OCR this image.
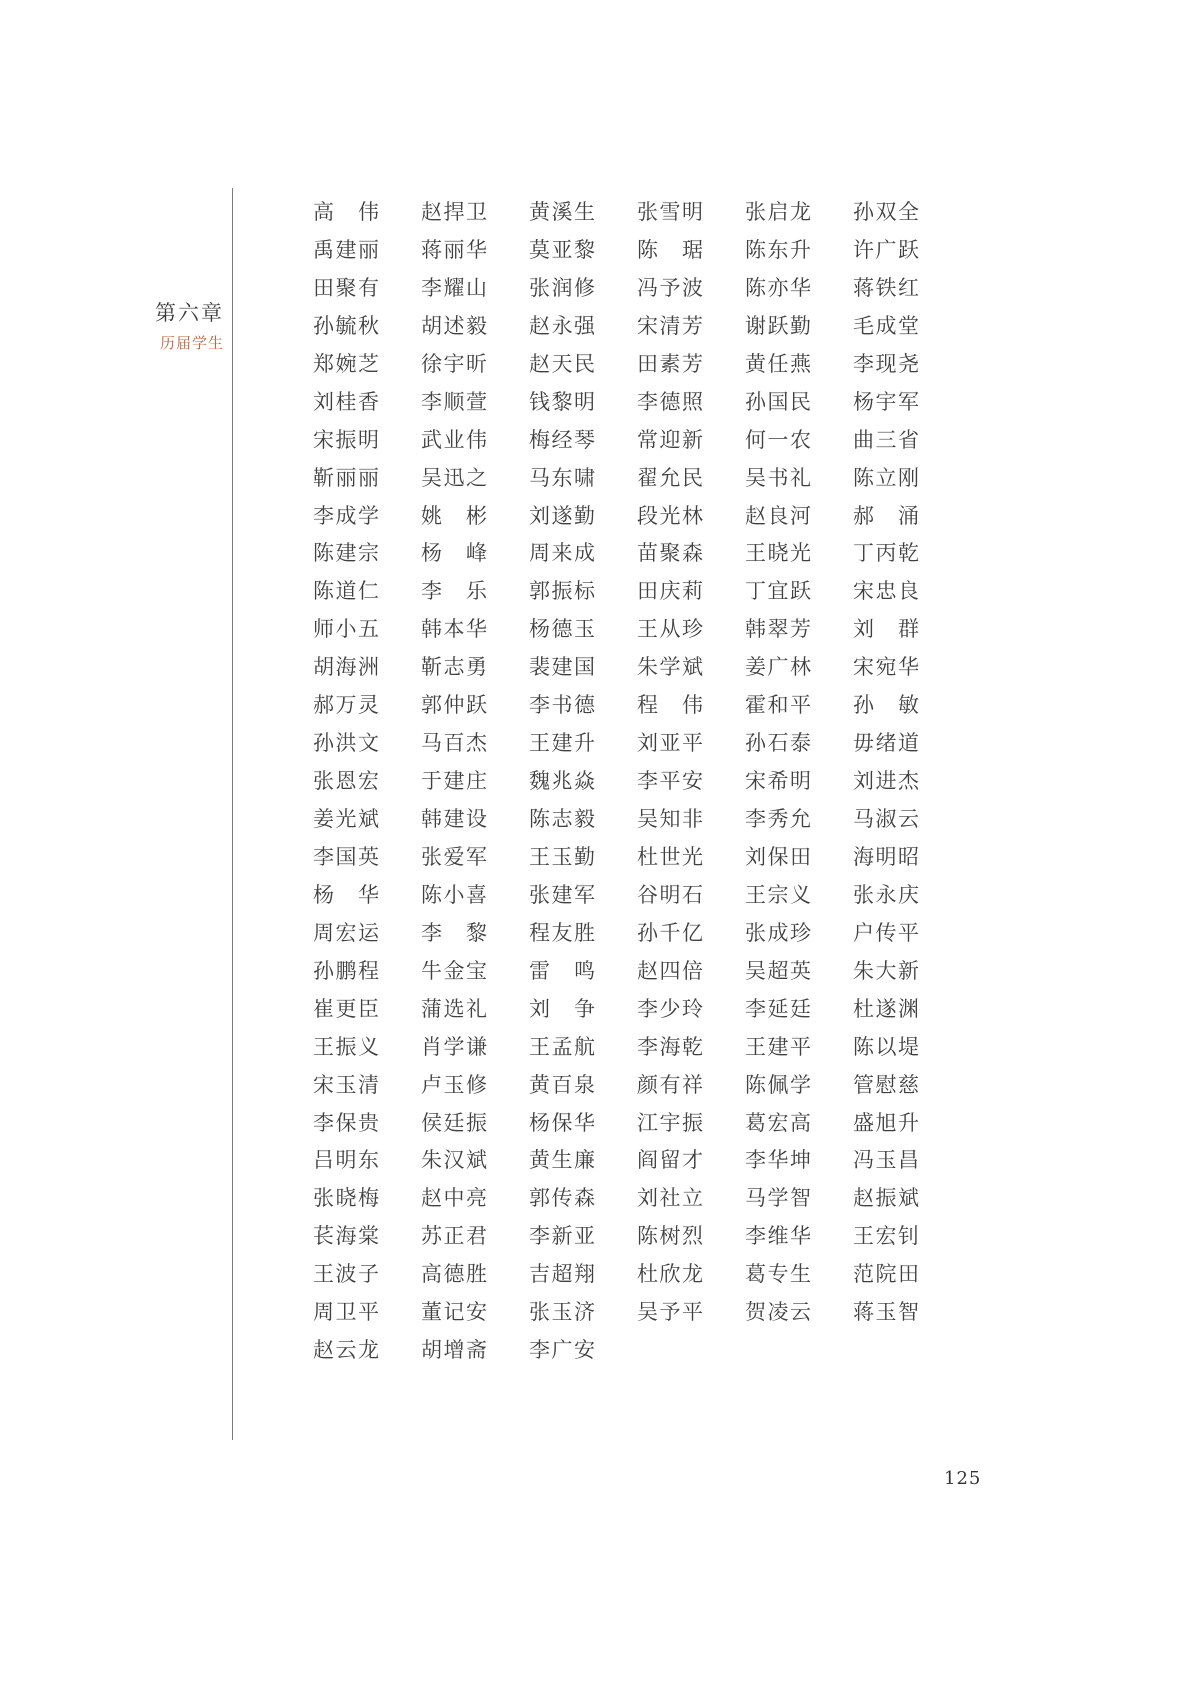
第六章
历届学生
高　伟	赵捍卫	黄溪生	张雪明	张启龙	孙双全
禹建丽	蒋丽华	莫亚黎	陈　琚	陈东升	许广跃
田聚有	李耀山	张润修	冯予波	陈亦华	蒋铁红
孙毓秋	胡述毅	赵永强	宋清芳	谢跃勤	毛成堂
郑婉芝	徐宇昕	赵天民	田素芳	黄任燕	李现尧
刘桂香	李顺萱	钱黎明	李德照	孙国民	杨宇军
宋振明	武业伟	梅经琴	常迎新	何一农	曲三省
靳丽丽	吴迅之	马东啸	翟允民	吴书礼	陈立刚
李成学	姚　彬	刘遂勤	段光林	赵良河	郝　涌
陈建宗	杨　峰	周来成	苗聚森	王晓光	丁丙乾
陈道仁	李　乐	郭振标	田庆莉	丁宜跃	宋忠良
师小五	韩本华	杨德玉	王从珍	韩翠芳	刘　群
胡海洲	靳志勇	裴建国	朱学斌	姜广林	宋宛华
郝万灵	郭仲跃	李书德	程　伟	霍和平	孙　敏
孙洪文	马百杰	王建升	刘亚平	孙石泰	毋绪道
张恩宏	于建庄	魏兆焱	李平安	宋希明	刘进杰
姜光斌	韩建设	陈志毅	吴知非	李秀允	马淑云
李国英	张爱军	王玉勤	杜世光	刘保田	海明昭
杨　华	陈小喜	张建军	谷明石	王宗义	张永庆
周宏运	李　黎	程友胜	孙千亿	张成珍	户传平
孙鹏程	牛金宝	雷　鸣	赵四倍	吴超英	朱大新
崔更臣	蒲选礼	刘　争	李少玲	李延廷	杜遂渊
王振义	肖学谦	王孟航	李海乾	王建平	陈以堤
宋玉清	卢玉修	黄百泉	颜有祥	陈佩学	管慰慈
李保贵	侯廷振	杨保华	江宇振	葛宏高	盛旭升
吕明东	朱汉斌	黄生廉	阎留才	李华坤	冯玉昌
张晓梅	赵中亮	郭传森	刘社立	马学智	赵振斌
苌海棠	苏正君	李新亚	陈树烈	李维华	王宏钊
王波子	高德胜	吉超翔	杜欣龙	葛专生	范院田
周卫平	董记安	张玉济	吴予平	贺凌云	蒋玉智
赵云龙	胡增斋	李广安
125
